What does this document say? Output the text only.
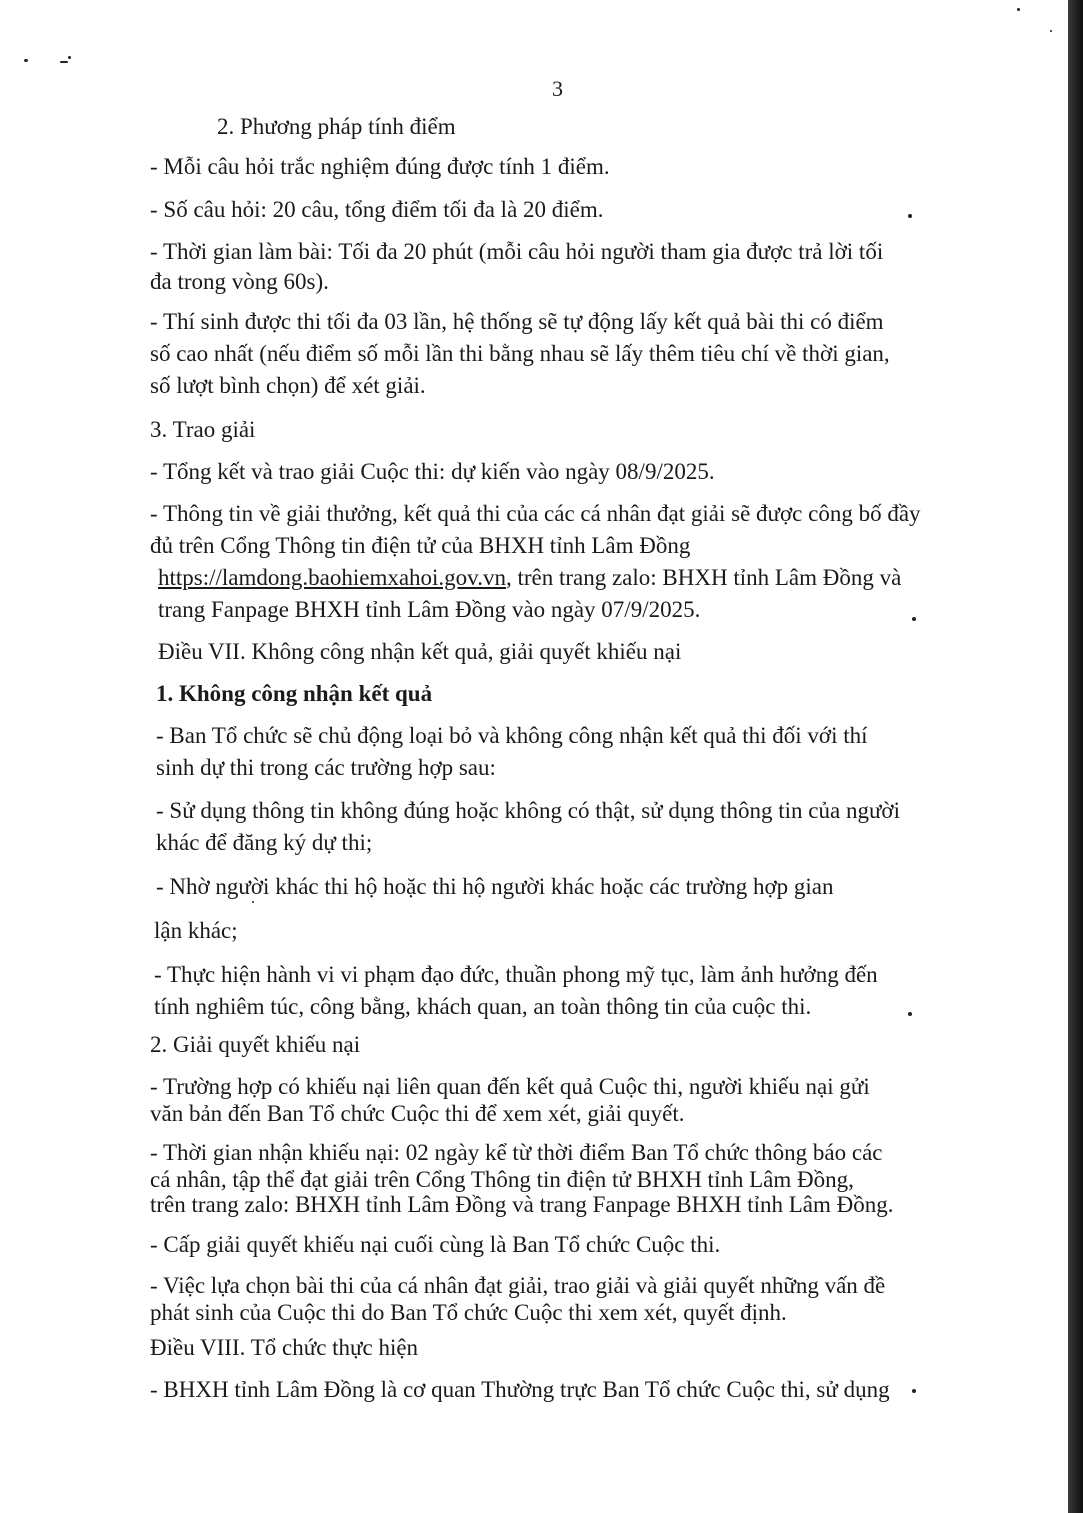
3

2. Phương pháp tính điểm

- Mỗi câu hỏi trắc nghiệm đúng được tính 1 điểm.

- Số câu hỏi: 20 câu, tổng điểm tối đa là 20 điểm.

- Thời gian làm bài: Tối đa 20 phút (mỗi câu hỏi người tham gia được trả lời tối

đa trong vòng 60s).

- Thí sinh được thi tối đa 03 lần, hệ thống sẽ tự động lấy kết quả bài thi có điểm

số cao nhất (nếu điểm số mỗi lần thi bằng nhau sẽ lấy thêm tiêu chí về thời gian,

số lượt bình chọn) để xét giải.

3. Trao giải

- Tổng kết và trao giải Cuộc thi: dự kiến vào ngày 08/9/2025.

- Thông tin về giải thưởng, kết quả thi của các cá nhân đạt giải sẽ được công bố đầy

đủ trên Cổng Thông tin điện tử của BHXH tỉnh Lâm Đồng

https://lamdong.baohiemxahoi.gov.vn, trên trang zalo: BHXH tỉnh Lâm Đồng và

trang Fanpage BHXH tỉnh Lâm Đồng vào ngày 07/9/2025.

Điều VII. Không công nhận kết quả, giải quyết khiếu nại

1. Không công nhận kết quả

- Ban Tổ chức sẽ chủ động loại bỏ và không công nhận kết quả thi đối với thí

sinh dự thi trong các trường hợp sau:

- Sử dụng thông tin không đúng hoặc không có thật, sử dụng thông tin của người

khác để đăng ký dự thi;

- Nhờ người khác thi hộ hoặc thi hộ người khác hoặc các trường hợp gian

lận khác;

- Thực hiện hành vi vi phạm đạo đức, thuần phong mỹ tục, làm ảnh hưởng đến

tính nghiêm túc, công bằng, khách quan, an toàn thông tin của cuộc thi.

2. Giải quyết khiếu nại

- Trường hợp có khiếu nại liên quan đến kết quả Cuộc thi, người khiếu nại gửi

văn bản đến Ban Tổ chức Cuộc thi để xem xét, giải quyết.

- Thời gian nhận khiếu nại: 02 ngày kể từ thời điểm Ban Tổ chức thông báo các

cá nhân, tập thể đạt giải trên Cổng Thông tin điện tử BHXH tỉnh Lâm Đồng,

trên trang zalo: BHXH tỉnh Lâm Đồng và trang Fanpage BHXH tỉnh Lâm Đồng.

- Cấp giải quyết khiếu nại cuối cùng là Ban Tổ chức Cuộc thi.

- Việc lựa chọn bài thi của cá nhân đạt giải, trao giải và giải quyết những vấn đề

phát sinh của Cuộc thi do Ban Tổ chức Cuộc thi xem xét, quyết định.

Điều VIII. Tổ chức thực hiện

- BHXH tỉnh Lâm Đồng là cơ quan Thường trực Ban Tổ chức Cuộc thi, sử dụng
